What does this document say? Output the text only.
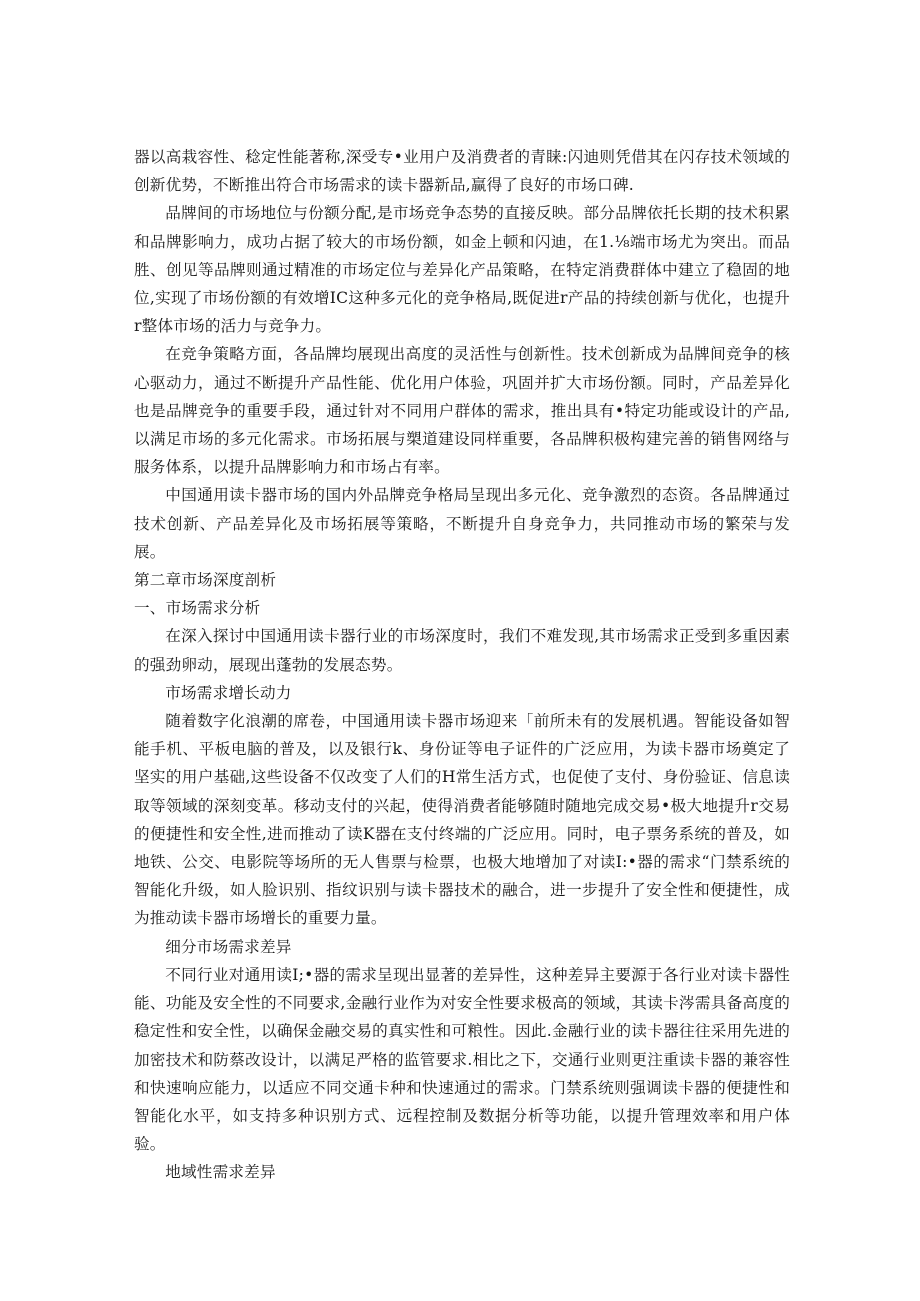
器以高栽容性、稔定性能著称,深受专•业用户及消费者的青睐:闪迪则凭借其在闪存技术领域的创新优势，不断推出符合市场需求的读卡器新品,赢得了良好的市场口碑.

品牌间的市场地位与份额分配,是市场竞争态势的直接反映。部分品牌依托长期的技术积累和品牌影响力，成功占据了较大的市场份额，如金上顿和闪迪，在1.⅛端市场尤为突出。而品胜、创见等品牌则通过精准的市场定位与差异化产品策略，在特定消费群体中建立了稳固的地位,实现了市场份额的有效增IC这种多元化的竞争格局,既促进r产品的持续创新与优化，也提升r整体市场的活力与竞争力。

在竞争策略方面，各品牌均展现出高度的灵活性与创新性。技术创新成为品牌间竞争的核心驱动力，通过不断提升产品性能、优化用户体验，巩固并扩大市场份额。同时，产品差异化也是品牌竞争的重要手段，通过针对不同用户群体的需求，推出具有•特定功能或设计的产品,以满足市场的多元化需求。市场拓展与槊道建设同样重要，各品牌积极构建完善的销售网络与服务体系，以提升品牌影响力和市场占有率。

中国通用读卡器市场的国内外品牌竞争格局呈现出多元化、竞争激烈的态资。各品牌通过技术创新、产品差异化及市场拓展等策略，不断提升自身竞争力，共同推动市场的繁荣与发展。

第二章市场深度剖析

一、市场需求分析

在深入探讨中国通用读卡器行业的市场深度时，我们不难发现,其市场需求正受到多重因素的强劲卵动，展现出蓬勃的发展态势。

市场需求增长动力

随着数字化浪潮的席卷，中国通用读卡器市场迎来「前所未有的发展机遇。智能设备如智能手机、平板电脑的普及，以及银行k、身份证等电子证件的广泛应用，为读卡器市场奠定了坚实的用户基础,这些设备不仅改变了人们的H常生活方式，也促使了支付、身份验证、信息读取等领域的深刻变革。移动支付的兴起，使得消费者能够随时随地完成交易•极大地提升r交易的便捷性和安全性,进而推动了读K器在支付终端的广泛应用。同时，电子票务系统的普及，如地铁、公交、电影院等场所的无人售票与检票，也极大地增加了对读I:•器的需求“门禁系统的智能化升级，如人脸识别、指纹识别与读卡器技术的融合，进一步提升了安全性和便捷性，成为推动读卡器市场增长的重要力量。

细分市场需求差异

不同行业对通用读I;•器的需求呈现出显著的差异性，这种差异主要源于各行业对读卡器性能、功能及安全性的不同要求,金融行业作为对安全性要求极高的领域，其读卡涔需具备高度的稳定性和安全性，以确保金融交易的真实性和可粮性。因此.金融行业的读卡器往往采用先进的加密技术和防蔡改设计，以满足严格的监管要求.相比之下，交通行业则更注重读卡器的兼容性和快速响应能力，以适应不同交通卡种和快速通过的需求。门禁系统则强调读卡器的便捷性和智能化水平，如支持多种识别方式、远程控制及数据分析等功能，以提升管理效率和用户体验。

地域性需求差异
